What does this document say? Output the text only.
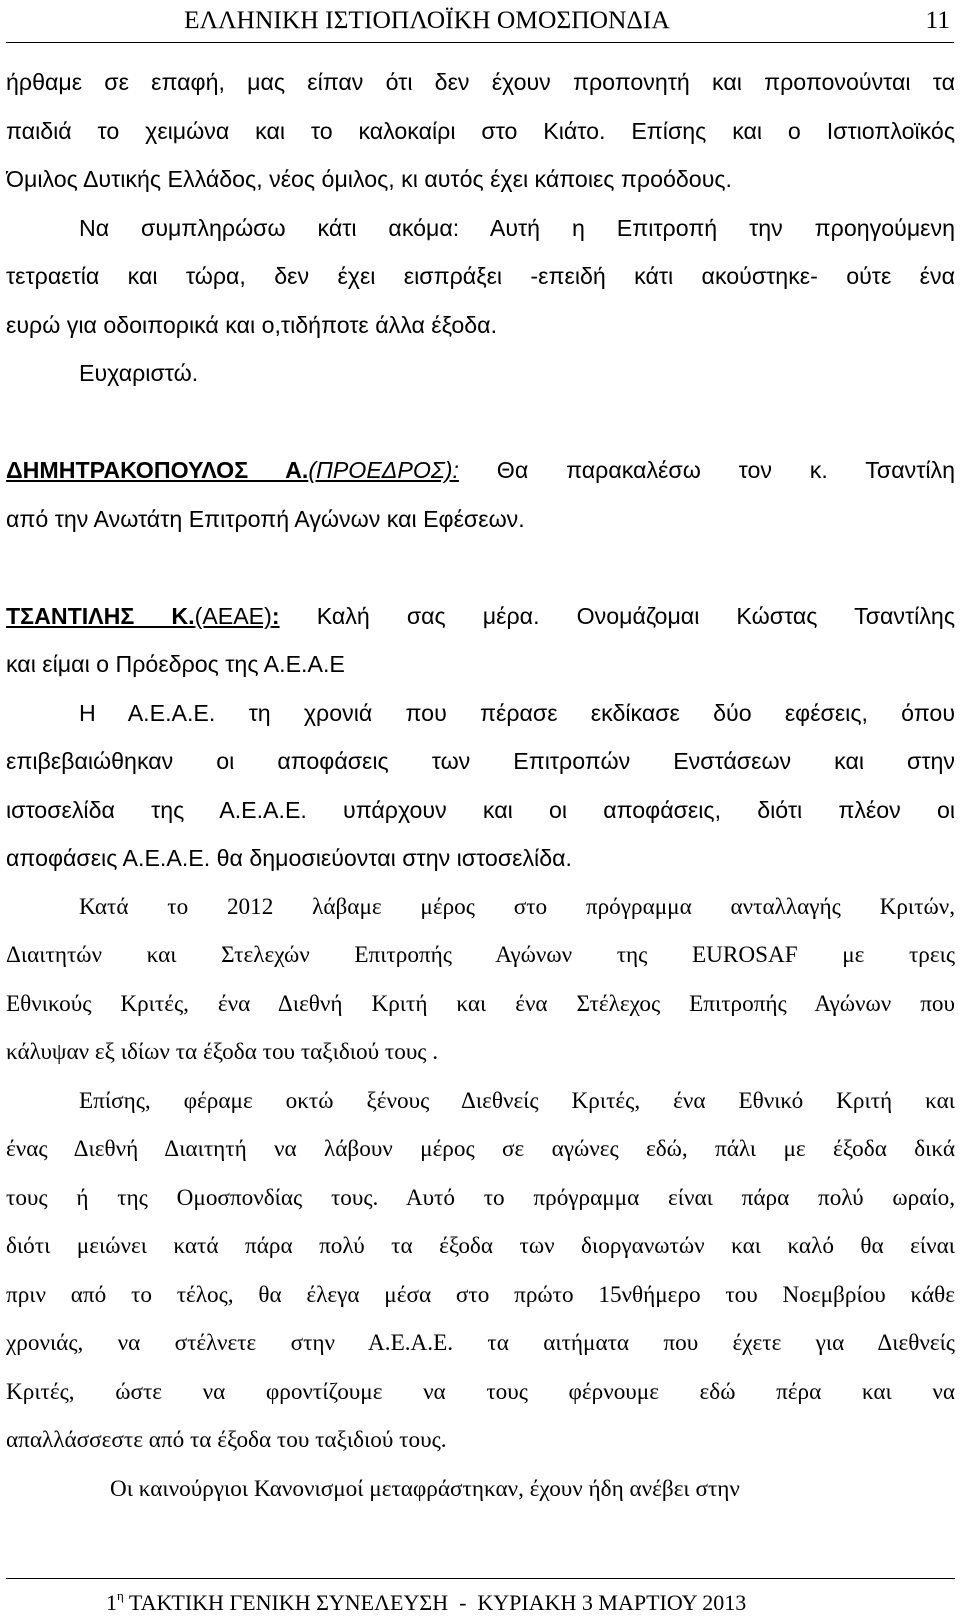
ΕΛΛΗΝΙΚΗ ΙΣΤΙΟΠΛΟΪΚΗ ΟΜΟΣΠΟΝΔΙΑ	11
ήρθαμε σε επαφή, μας είπαν ότι δεν έχουν προπονητή και προπονούνται τα
παιδιά το χειμώνα και το καλοκαίρι στο Κιάτο. Επίσης και ο Ιστιοπλοϊκός
Όμιλος Δυτικής Ελλάδος, νέος όμιλος, κι αυτός έχει κάποιες προόδους.
Να συμπληρώσω κάτι ακόμα: Αυτή η Επιτροπή την προηγούμενη
τετραετία και τώρα, δεν έχει εισπράξει -επειδή κάτι ακούστηκε- ούτε ένα
ευρώ για οδοιπορικά και ο,τιδήποτε άλλα έξοδα.
Ευχαριστώ.
ΔΗΜΗΤΡΑΚΟΠΟΥΛΟΣ Α.(ΠΡΟΕΔΡΟΣ): Θα παρακαλέσω τον κ. Τσαντίλη
από την Ανωτάτη Επιτροπή Αγώνων και Εφέσεων.
ΤΣΑΝΤΙΛΗΣ Κ.(ΑΕΑΕ): Καλή σας μέρα. Ονομάζομαι Κώστας Τσαντίλης
και είμαι ο Πρόεδρος της Α.Ε.Α.Ε
Η Α.Ε.Α.Ε. τη χρονιά που πέρασε εκδίκασε δύο εφέσεις, όπου
επιβεβαιώθηκαν οι αποφάσεις των Επιτροπών Ενστάσεων και στην
ιστοσελίδα της Α.Ε.Α.Ε. υπάρχουν και οι αποφάσεις, διότι πλέον οι
αποφάσεις Α.Ε.Α.Ε. θα δημοσιεύονται στην ιστοσελίδα.
Κατά το 2012 λάβαμε μέρος στο πρόγραμμα ανταλλαγής Κριτών,
Διαιτητών και Στελεχών Επιτροπής Αγώνων της EUROSAF με τρεις
Εθνικούς Κριτές, ένα Διεθνή Κριτή και ένα Στέλεχος Επιτροπής Αγώνων που
κάλυψαν εξ ιδίων τα έξοδα του ταξιδιού τους .
Επίσης, φέραμε οκτώ ξένους Διεθνείς Κριτές, ένα Εθνικό Κριτή και
ένας Διεθνή Διαιτητή να λάβουν μέρος σε αγώνες εδώ, πάλι με έξοδα δικά
τους ή της Ομοσπονδίας τους. Αυτό το πρόγραμμα είναι πάρα πολύ ωραίο,
διότι μειώνει κατά πάρα πολύ τα έξοδα των διοργανωτών και καλό θα είναι
πριν από το τέλος, θα έλεγα μέσα στο πρώτο 15νθήμερο του Νοεμβρίου κάθε
χρονιάς, να στέλνετε στην Α.Ε.Α.Ε. τα αιτήματα που έχετε για Διεθνείς
Κριτές, ώστε να φροντίζουμε να τους φέρνουμε εδώ πέρα και να
απαλλάσσεστε από τα έξοδα του ταξιδιού τους.
Οι καινούργιοι Κανονισμοί μεταφράστηκαν, έχουν ήδη ανέβει στην
$1^\eta$ ΤΑΚΤΙΚΗ ΓΕΝΙΚΗ ΣΥΝΕΛΕΥΣΗ  -  ΚΥΡΙΑΚΗ 3 ΜΑΡΤΙΟΥ 2013
